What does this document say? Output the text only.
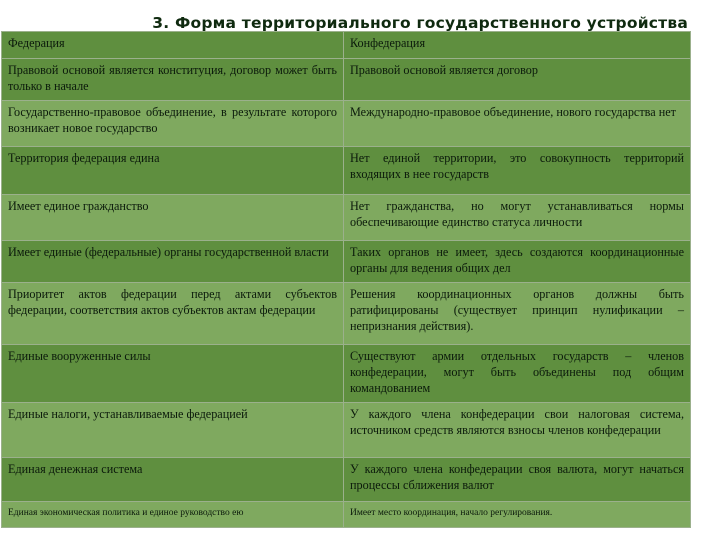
3. Форма территориального государственного устройства
Федерация	Конфедерация
Правовой основой является конституция, договор может быть только в начале	Правовой основой является договор
Государственно-правовое объединение, в результате которого возникает новое государство	Международно-правовое объединение, нового государства нет
Территория федерация едина	Нет единой территории, это совокупность территорий входящих в нее государств
Имеет единое гражданство	Нет гражданства, но могут устанавливаться нормы обеспечивающие единство статуса личности
Имеет единые (федеральные) органы государственной власти	Таких органов не имеет, здесь создаются координационные органы для ведения общих дел
Приоритет актов федерации перед актами субъектов федерации, соответствия актов субъектов актам федерации	Решения координационных органов должны быть ратифицированы (существует принцип нулификации – непризнания действия).
Единые вооруженные силы	Существуют армии отдельных государств – членов конфедерации, могут быть объединены под общим командованием
Единые налоги, устанавливаемые федерацией	У каждого члена конфедерации свои налоговая система, источником средств являются взносы членов конфедерации
Единая денежная система	У каждого члена конфедерации своя валюта, могут начаться процессы сближения валют
Единая экономическая политика и единое руководство ею	Имеет место координация, начало регулирования.
